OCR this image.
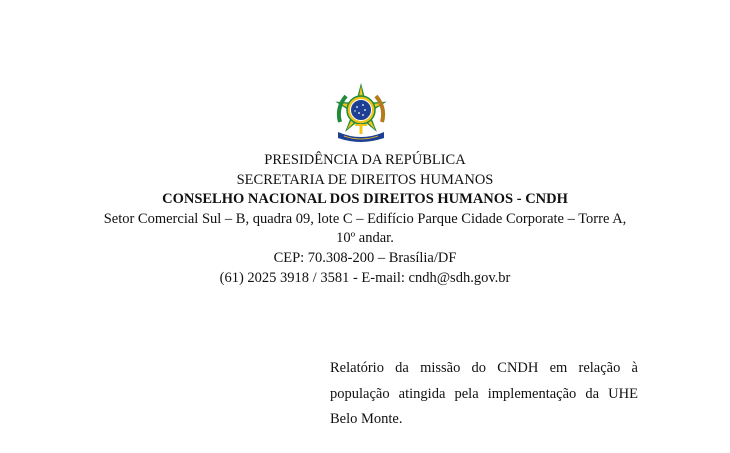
PRESIDÊNCIA DA REPÚBLICA
SECRETARIA DE DIREITOS HUMANOS
CONSELHO NACIONAL DOS DIREITOS HUMANOS - CNDH
Setor Comercial Sul – B, quadra 09, lote C – Edifício Parque Cidade Corporate – Torre A,
10º andar.
CEP: 70.308-200 – Brasília/DF
(61) 2025 3918 / 3581 - E-mail: cndh@sdh.gov.br
Relatório da missão do CNDH em relação à
população atingida pela implementação da UHE
Belo Monte.
